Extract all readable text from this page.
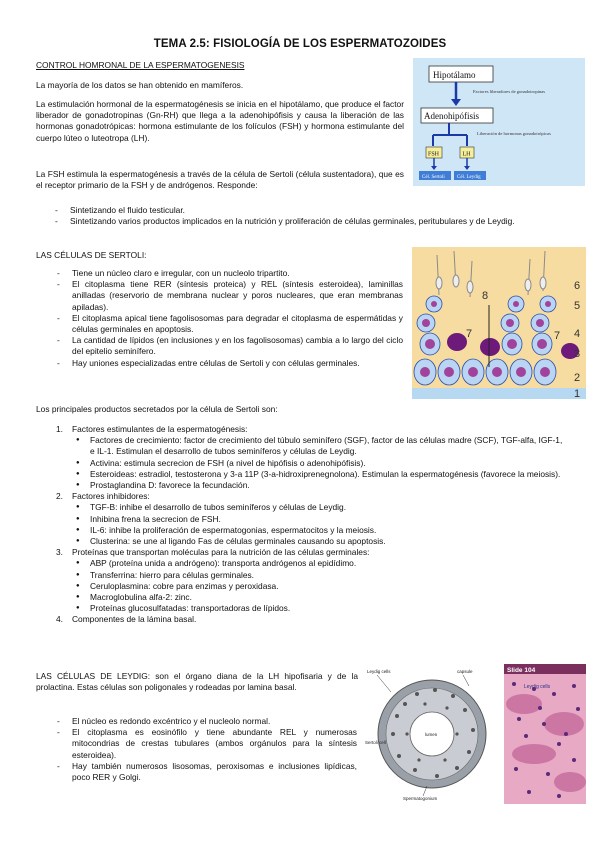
TEMA 2.5: FISIOLOGÍA DE LOS ESPERMATOZOIDES
CONTROL HOMRONAL DE LA ESPERMATOGENESIS
La mayoría de los datos se han obtenido en mamíferos.
La estimulación hormonal de la espermatogénesis se inicia en el hipotálamo, que produce el factor liberador de gonadotropinas (Gn-RH) que llega a la adenohipófisis y causa la liberación de las hormonas gonadotrópicas: hormona estimulante de los folículos (FSH) y hormona estimulante del cuerpo lúteo o luteotropa (LH).
La FSH estimula la espermatogénesis a través de la célula de Sertoli (célula sustentadora), que es el receptor primario de la FSH y de andrógenos. Responde:
- Sintetizando el fluido testicular.
- Sintetizando varios productos implicados en la nutrición y proliferación de células germinales, peritubulares y de Leydig.
Hipotálamo
Factores liberadores de gonadotropinas
Adenohipófisis
Liberación de hormonas gonadotrópicas
FSH	LH
Cél. Sertoli Cél. Leydig
LAS CÉLULAS DE SERTOLI:
- Tiene un núcleo claro e irregular, con un nucleolo tripartito.
- El citoplasma tiene RER (síntesis proteica) y REL (síntesis esteroidea), laminillas anilladas (reservorio de membrana nuclear y poros nucleares, que eran membranas apiladas).
- El citoplasma apical tiene fagolisosomas para degradar el citoplasma de espermátidas y células germinales en apoptosis.
- La cantidad de lípidos (en inclusiones y en los fagolisosomas) cambia a lo largo del ciclo del epitelio seminífero.
- Hay uniones especializadas entre células de Sertoli y con células germinales.
8
7	7
6
5
4
3
2
1
Los principales productos secretados por la célula de Sertoli son:
1. Factores estimulantes de la espermatogénesis:
● Factores de crecimiento: factor de crecimiento del túbulo seminífero (SGF), factor de las células madre (SCF), TGF-alfa, IGF-1, e IL-1. Estimulan el desarrollo de tubos seminíferos y células de Leydig.
● Activina: estimula secrecion de FSH (a nivel de hipófisis o adenohipófisis).
● Esteroideas: estradiol, testosterona y 3-a 11P (3-a-hidroxiprenegnolona). Estimulan la espermatogénesis (favorece la meiosis).
● Prostaglandina D: favorece la fecundación.
2. Factores inhibidores:
● TGF-B: inhibe el desarrollo de tubos seminíferos y células de Leydig.
● Inhibina frena la secrecion de FSH.
● IL-6: inhibe la proliferación de espermatogonias, espermatocitos y la meiosis.
● Clusterina: se une al ligando Fas de células germinales causando su apoptosis.
3. Proteínas que transportan moléculas para la nutrición de las células germinales:
● ABP (proteína unida a andrógeno): transporta andrógenos al epidídimo.
● Transferrina: hierro para células germinales.
● Ceruloplasmina: cobre para enzimas y peroxidasa.
● Macroglobulina alfa-2: zinc.
● Proteínas glucosulfatadas: transportadoras de lípidos.
4. Componentes de la lámina basal.
LAS CÉLULAS DE LEYDIG: son el órgano diana de la LH hipofisaria y de la prolactina. Estas células son poligonales y rodeadas por lamina basal.
- El núcleo es redondo excéntrico y el nucleolo normal.
- El citoplasma es eosinófilo y tiene abundante REL y numerosas mitocondrias de crestas tubulares (ambos orgánulos para la síntesis esteroidea).
- Hay también numerosos lisosomas, peroxisomas e inclusiones lipídicas, poco RER y Golgi.
Leydig cells	capsule
Sertoli cell
lumen
Spermatogonium
Slide 104
Leydig cells
